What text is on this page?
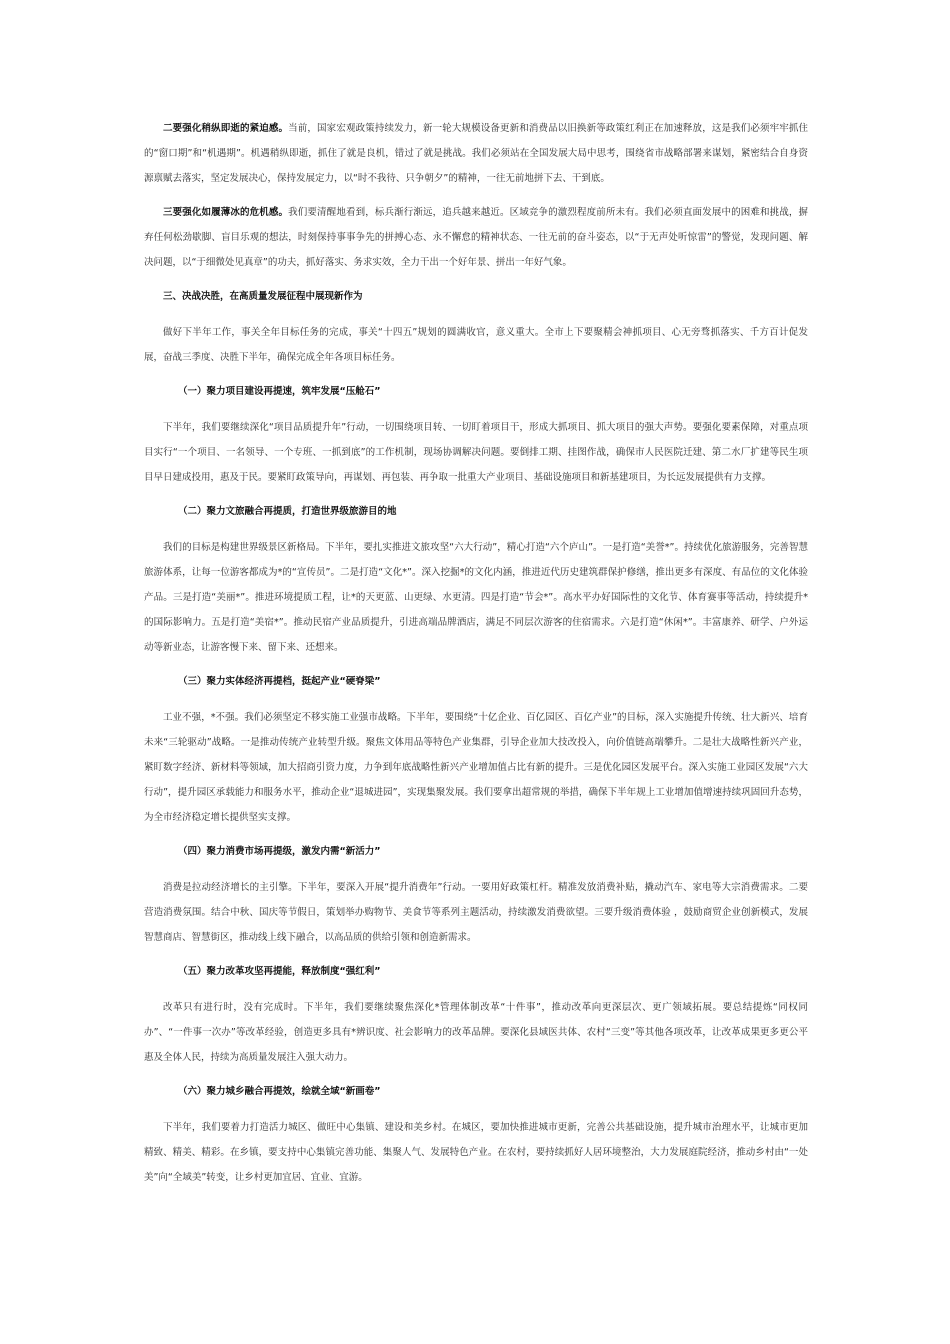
二要强化稍纵即逝的紧迫感。当前，国家宏观政策持续发力，新一轮大规模设备更新和消费品以旧换新等政策红利正在加速释放，这是我们必须牢牢抓住的“窗口期”和“机遇期”。机遇稍纵即逝，抓住了就是良机，错过了就是挑战。我们必须站在全国发展大局中思考，围绕省市战略部署来谋划，紧密结合自身资源禀赋去落实，坚定发展决心，保持发展定力，以“时不我待、只争朝夕”的精神，一往无前地拼下去、干到底。

三要强化如履薄冰的危机感。我们要清醒地看到，标兵渐行渐远，追兵越来越近。区域竞争的激烈程度前所未有。我们必须直面发展中的困难和挑战，摒弃任何松劲歇脚、盲目乐观的想法，时刻保持事事争先的拼搏心态、永不懈怠的精神状态、一往无前的奋斗姿态，以“于无声处听惊雷”的警觉，发现问题、解决问题，以“于细微处见真章”的功夫，抓好落实、务求实效，全力干出一个好年景、拼出一年好气象。

三、决战决胜，在高质量发展征程中展现新作为

做好下半年工作，事关全年目标任务的完成，事关“十四五”规划的圆满收官，意义重大。全市上下要聚精会神抓项目、心无旁骛抓落实、千方百计促发展，奋战三季度、决胜下半年，确保完成全年各项目标任务。

（一）聚力项目建设再提速，筑牢发展“压舱石”

下半年，我们要继续深化“项目品质提升年”行动，一切围绕项目转、一切盯着项目干，形成大抓项目、抓大项目的强大声势。要强化要素保障，对重点项目实行“一个项目、一名领导、一个专班、一抓到底”的工作机制，现场协调解决问题。要倒排工期、挂图作战，确保市人民医院迁建、第二水厂扩建等民生项目早日建成投用，惠及于民。要紧盯政策导向，再谋划、再包装、再争取一批重大产业项目、基础设施项目和新基建项目，为长远发展提供有力支撑。

（二）聚力文旅融合再提质，打造世界级旅游目的地

我们的目标是构建世界级景区新格局。下半年，要扎实推进文旅攻坚“六大行动”，精心打造“六个庐山”。一是打造“美誉*”。持续优化旅游服务，完善智慧旅游体系，让每一位游客都成为*的“宣传员”。二是打造“文化*”。深入挖掘*的文化内涵，推进近代历史建筑群保护修缮，推出更多有深度、有品位的文化体验产品。三是打造“美丽*”。推进环境提质工程，让*的天更蓝、山更绿、水更清。四是打造“节会*”。高水平办好国际性的文化节、体育赛事等活动，持续提升*的国际影响力。五是打造“美宿*”。推动民宿产业品质提升，引进高端品牌酒店，满足不同层次游客的住宿需求。六是打造“休闲*”。丰富康养、研学、户外运动等新业态，让游客慢下来、留下来、还想来。

（三）聚力实体经济再提档，挺起产业“硬脊梁”

工业不强，*不强。我们必须坚定不移实施工业强市战略。下半年，要围绕“十亿企业、百亿园区、百亿产业”的目标，深入实施提升传统、壮大新兴、培育未来“三轮驱动”战略。一是推动传统产业转型升级。聚焦文体用品等特色产业集群，引导企业加大技改投入，向价值链高端攀升。二是壮大战略性新兴产业，紧盯数字经济、新材料等领域，加大招商引资力度，力争到年底战略性新兴产业增加值占比有新的提升。三是优化园区发展平台。深入实施工业园区发展“六大行动”，提升园区承载能力和服务水平，推动企业“退城进园”，实现集聚发展。我们要拿出超常规的举措，确保下半年规上工业增加值增速持续巩固回升态势，为全市经济稳定增长提供坚实支撑。

（四）聚力消费市场再提级，激发内需“新活力”

消费是拉动经济增长的主引擎。下半年，要深入开展“提升消费年”行动。一要用好政策杠杆。精准发放消费补贴，撬动汽车、家电等大宗消费需求。二要营造消费氛围。结合中秋、国庆等节假日，策划举办购物节、美食节等系列主题活动，持续激发消费欲望。三要升级消费体验 ，鼓励商贸企业创新模式，发展智慧商店、智慧街区，推动线上线下融合，以高品质的供给引领和创造新需求。

（五）聚力改革攻坚再提能，释放制度“强红利”

改革只有进行时，没有完成时。下半年，我们要继续聚焦深化*管理体制改革“十件事”，推动改革向更深层次、更广领域拓展。要总结提炼“同权同办”、“一件事一次办”等改革经验，创造更多具有*辨识度、社会影响力的改革品牌。要深化县域医共体、农村“三变”等其他各项改革，让改革成果更多更公平惠及全体人民，持续为高质量发展注入强大动力。

（六）聚力城乡融合再提效，绘就全域“新画卷”

下半年，我们要着力打造活力城区、做旺中心集镇、建设和美乡村。在城区，要加快推进城市更新，完善公共基础设施，提升城市治理水平，让城市更加精致、精美、精彩。在乡镇，要支持中心集镇完善功能、集聚人气、发展特色产业。在农村，要持续抓好人居环境整治，大力发展庭院经济，推动乡村由“一处美”向“全域美”转变，让乡村更加宜居、宜业、宜游。
